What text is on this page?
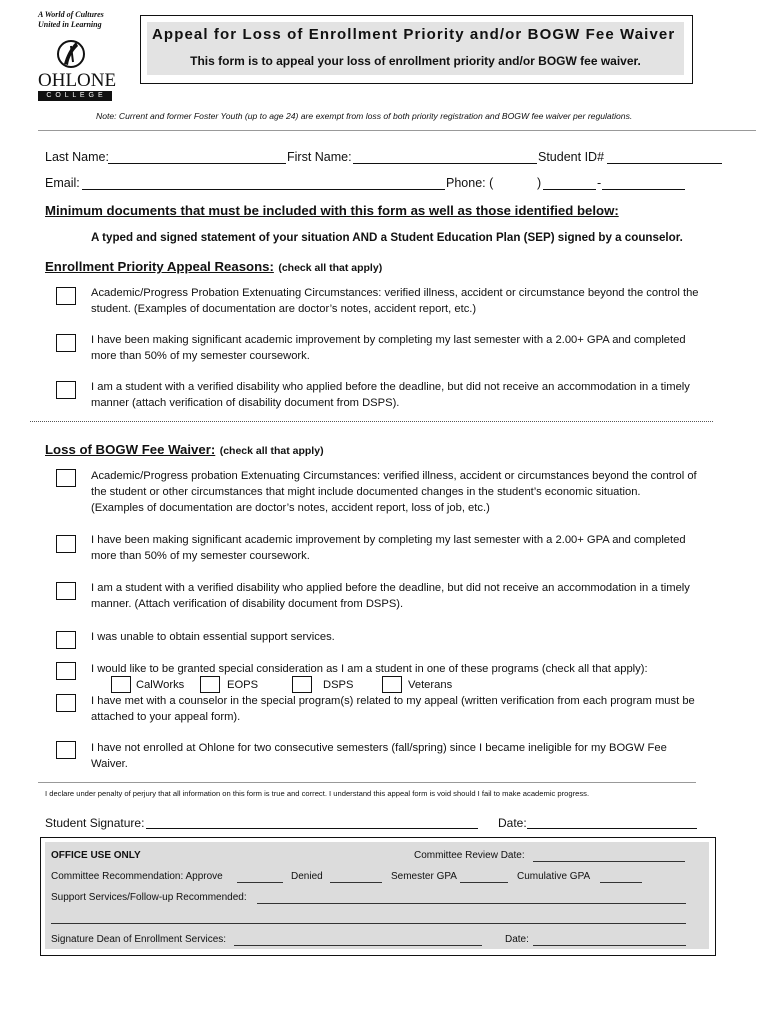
A World of Cultures
United in Learning
OHLONE
C O L L E G E
Appeal for Loss of Enrollment Priority and/or BOGW Fee Waiver
This form is to appeal your loss of enrollment priority and/or BOGW fee waiver.
Note: Current and former Foster Youth (up to age 24) are exempt from loss of both priority registration and BOGW fee waiver per regulations.
Last Name:	First Name:	Student ID#
Email:	Phone: (	)	-
Minimum documents that must be included with this form as well as those identified below:
A typed and signed statement of your situation AND a Student Education Plan (SEP) signed by a counselor.
Enrollment Priority Appeal Reasons: (check all that apply)
Academic/Progress Probation Extenuating Circumstances: verified illness, accident or circumstance beyond the control the
student. (Examples of documentation are doctor’s notes, accident report, etc.)
I have been making significant academic improvement by completing my last semester with a 2.00+ GPA and completed
more than 50% of my semester coursework.
I am a student with a verified disability who applied before the deadline, but did not receive an accommodation in a timely
manner (attach verification of disability document from DSPS).
Loss of BOGW Fee Waiver: (check all that apply)
Academic/Progress probation Extenuating Circumstances: verified illness, accident or circumstances beyond the control of
the student or other circumstances that might include documented changes in the student’s economic situation.
(Examples of documentation are doctor’s notes, accident report, loss of job, etc.)
I have been making significant academic improvement by completing my last semester with a 2.00+ GPA and completed
more than 50% of my semester coursework.
I am a student with a verified disability who applied before the deadline, but did not receive an accommodation in a timely
manner. (Attach verification of disability document from DSPS).
I was unable to obtain essential support services.
I would like to be granted special consideration as I am a student in one of these programs (check all that apply):
CalWorks	EOPS	DSPS	Veterans
I have met with a counselor in the special program(s) related to my appeal (written verification from each program must be
attached to your appeal form).
I have not enrolled at Ohlone for two consecutive semesters (fall/spring) since I became ineligible for my BOGW Fee
Waiver.
I declare under penalty of perjury that all information on this form is true and correct. I understand this appeal form is void should I fail to make academic progress.
Student Signature:	Date:
OFFICE USE ONLY	Committee Review Date:
Committee Recommendation: Approve	Denied	Semester GPA	Cumulative GPA
Support Services/Follow-up Recommended:
Signature Dean of Enrollment Services:	Date:
